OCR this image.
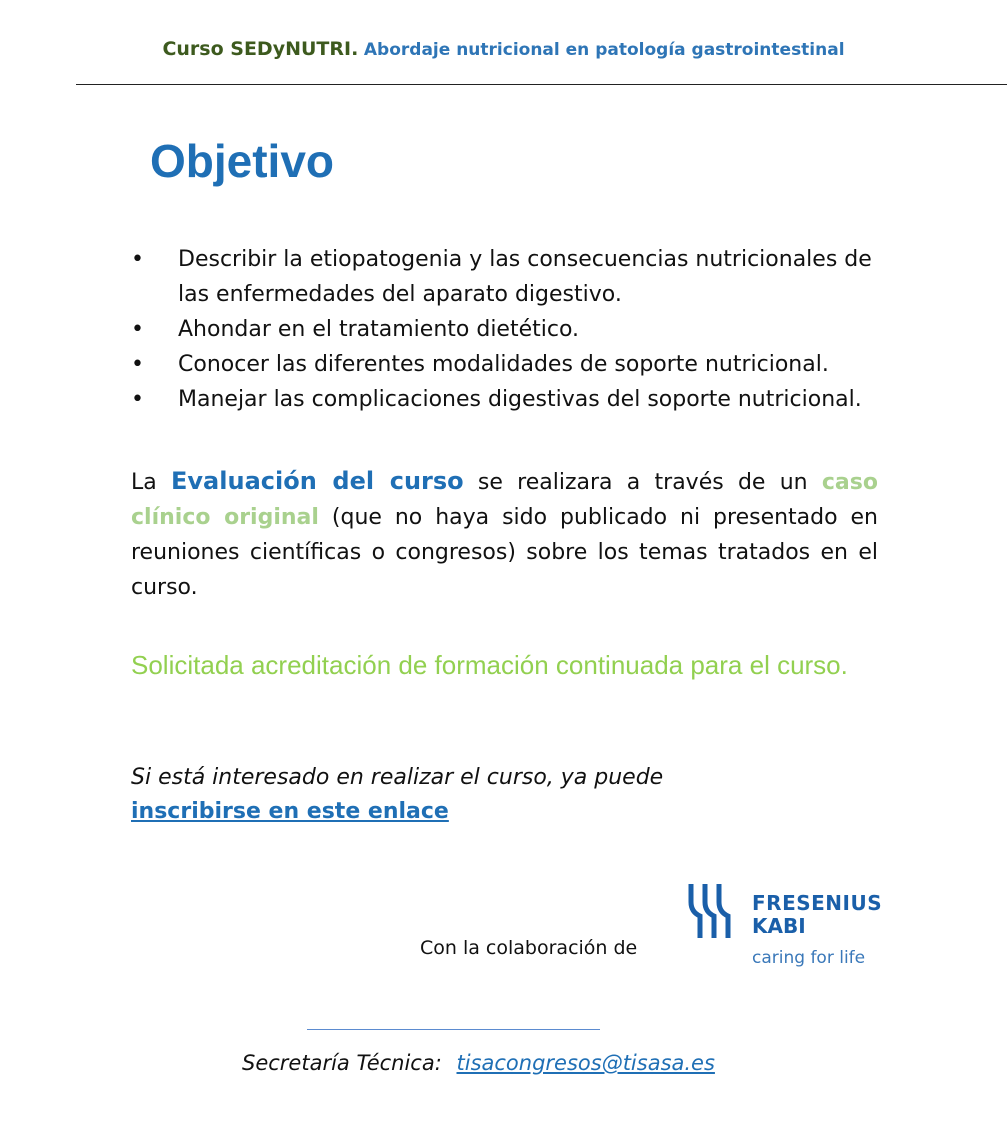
Curso SEDyNUTRI. Abordaje nutricional en patología gastrointestinal
Objetivo
• Describir la etiopatogenia y las consecuencias nutricionales de las enfermedades del aparato digestivo.
• Ahondar en el tratamiento dietético.
• Conocer las diferentes modalidades de soporte nutricional.
• Manejar las complicaciones digestivas del soporte nutricional.

La Evaluación del curso se realizara a través de un caso clínico original (que no haya sido publicado ni presentado en reuniones científicas o congresos) sobre los temas tratados en el curso.

Solicitada acreditación de formación continuada para el curso.

Si está interesado en realizar el curso, ya puede

inscribirse en este enlace
Con la colaboración de
FRESENIUS
KABI
caring for life
Secretaría Técnica: tisacongresos@tisasa.es
